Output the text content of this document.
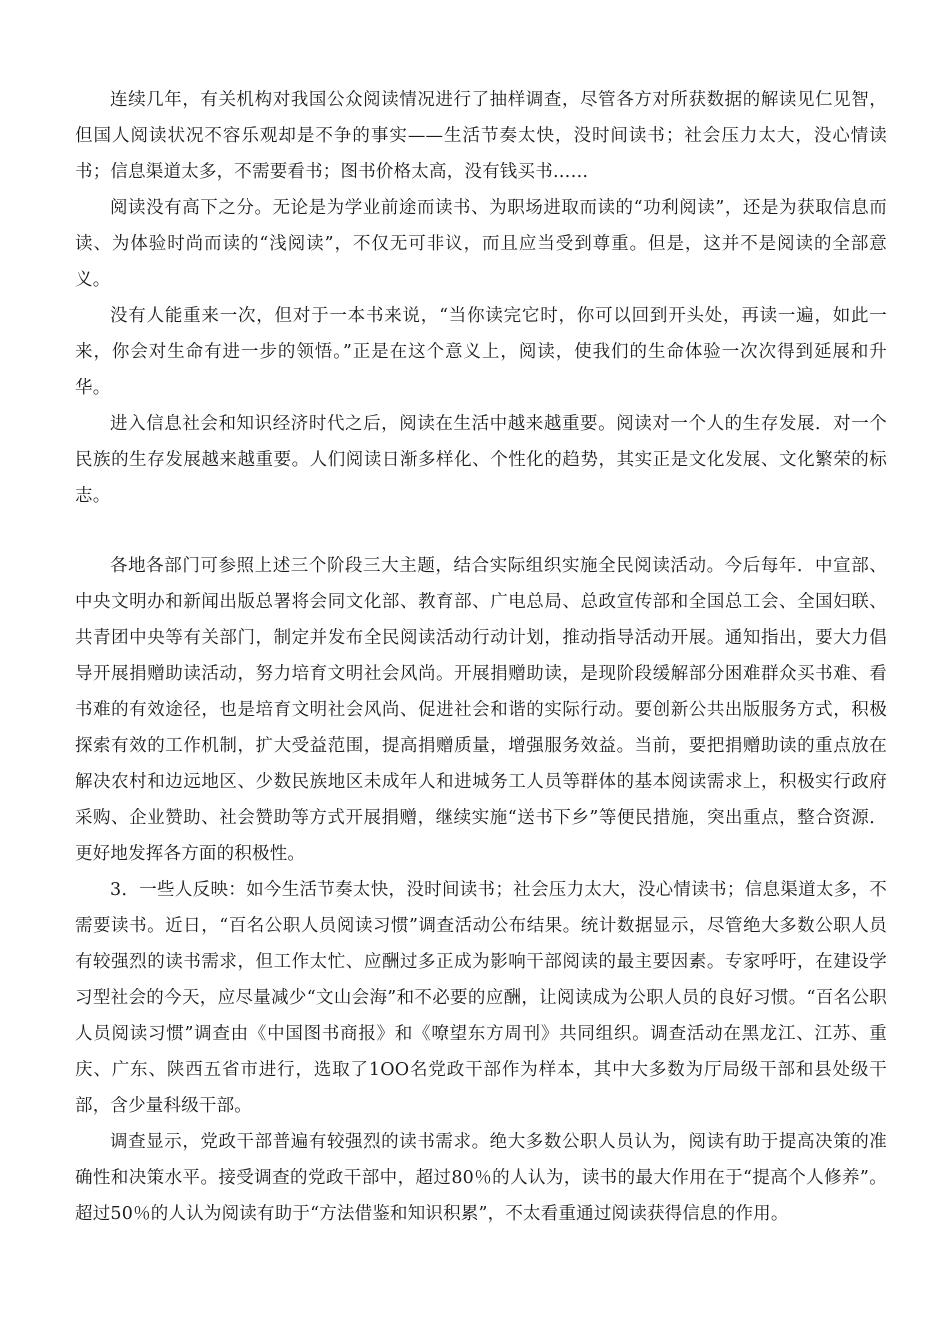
连续几年，有关机构对我国公众阅读情况进行了抽样调查，尽管各方对所获数据的解读见仁见智，但国人阅读状况不容乐观却是不争的事实——生活节奏太快，没时间读书；社会压力太大，没心情读书；信息渠道太多，不需要看书；图书价格太高，没有钱买书……

阅读没有高下之分。无论是为学业前途而读书、为职场进取而读的“功利阅读”，还是为获取信息而读、为体验时尚而读的“浅阅读”，不仅无可非议，而且应当受到尊重。但是，这并不是阅读的全部意义。

没有人能重来一次，但对于一本书来说，“当你读完它时，你可以回到开头处，再读一遍，如此一来，你会对生命有进一步的领悟。”正是在这个意义上，阅读，使我们的生命体验一次次得到延展和升华。

进入信息社会和知识经济时代之后，阅读在生活中越来越重要。阅读对一个人的生存发展．对一个民族的生存发展越来越重要。人们阅读日渐多样化、个性化的趋势，其实正是文化发展、文化繁荣的标志。

各地各部门可参照上述三个阶段三大主题，结合实际组织实施全民阅读活动。今后每年．中宣部、中央文明办和新闻出版总署将会同文化部、教育部、广电总局、总政宣传部和全国总工会、全国妇联、共青团中央等有关部门，制定并发布全民阅读活动行动计划，推动指导活动开展。通知指出，要大力倡导开展捐赠助读活动，努力培育文明社会风尚。开展捐赠助读，是现阶段缓解部分困难群众买书难、看书难的有效途径，也是培育文明社会风尚、促进社会和谐的实际行动。要创新公共出版服务方式，积极探索有效的工作机制，扩大受益范围，提高捐赠质量，增强服务效益。当前，要把捐赠助读的重点放在解决农村和边远地区、少数民族地区未成年人和进城务工人员等群体的基本阅读需求上，积极实行政府采购、企业赞助、社会赞助等方式开展捐赠，继续实施“送书下乡”等便民措施，突出重点，整合资源．更好地发挥各方面的积极性。

3．一些人反映：如今生活节奏太快，没时间读书；社会压力太大，没心情读书；信息渠道太多，不需要读书。近日，“百名公职人员阅读习惯”调查活动公布结果。统计数据显示，尽管绝大多数公职人员有较强烈的读书需求，但工作太忙、应酬过多正成为影响干部阅读的最主要因素。专家呼吁，在建设学习型社会的今天，应尽量减少“文山会海”和不必要的应酬，让阅读成为公职人员的良好习惯。“百名公职人员阅读习惯”调查由《中国图书商报》和《嘹望东方周刊》共同组织。调查活动在黑龙江、江苏、重庆、广东、陕西五省市进行，选取了1OO名党政干部作为样本，其中大多数为厅局级干部和县处级干部，含少量科级干部。

调查显示，党政干部普遍有较强烈的读书需求。绝大多数公职人员认为，阅读有助于提高决策的准确性和决策水平。接受调查的党政干部中，超过80％的人认为，读书的最大作用在于“提高个人修养”。超过50％的人认为阅读有助于“方法借鉴和知识积累”，不太看重通过阅读获得信息的作用。
